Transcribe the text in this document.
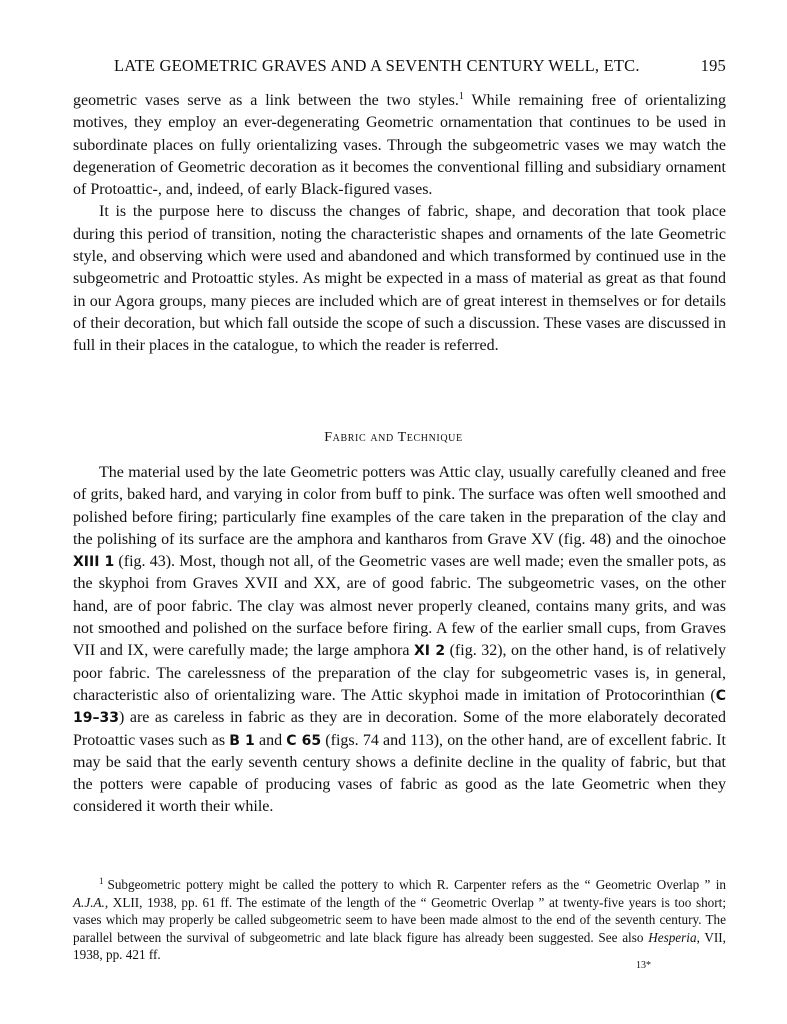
LATE GEOMETRIC GRAVES AND A SEVENTH CENTURY WELL, ETC.	195

geometric vases serve as a link between the two styles.$^1$ While remaining free of orientalizing motives, they employ an ever-degenerating Geometric ornamentation that continues to be used in subordinate places on fully orientalizing vases. Through the subgeometric vases we may watch the degeneration of Geometric decoration as it becomes the conventional filling and subsidiary ornament of Protoattic-, and, indeed, of early Black-figured vases.

It is the purpose here to discuss the changes of fabric, shape, and decoration that took place during this period of transition, noting the characteristic shapes and ornaments of the late Geometric style, and observing which were used and abandoned and which transformed by continued use in the subgeometric and Protoattic styles. As might be expected in a mass of material as great as that found in our Agora groups, many pieces are included which are of great interest in themselves or for details of their decoration, but which fall outside the scope of such a discussion. These vases are discussed in full in their places in the catalogue, to which the reader is referred.

Fabric and Technique

The material used by the late Geometric potters was Attic clay, usually carefully cleaned and free of grits, baked hard, and varying in color from buff to pink. The surface was often well smoothed and polished before firing; particularly fine examples of the care taken in the preparation of the clay and the polishing of its surface are the amphora and kantharos from Grave XV (fig. 48) and the oinochoe XIII 1 (fig. 43). Most, though not all, of the Geometric vases are well made; even the smaller pots, as the skyphoi from Graves XVII and XX, are of good fabric. The subgeometric vases, on the other hand, are of poor fabric. The clay was almost never properly cleaned, contains many grits, and was not smoothed and polished on the surface before firing. A few of the earlier small cups, from Graves VII and IX, were carefully made; the large amphora XI 2 (fig. 32), on the other hand, is of relatively poor fabric. The carelessness of the preparation of the clay for subgeometric vases is, in general, characteristic also of orientalizing ware. The Attic skyphoi made in imitation of Protocorinthian (C 19–33) are as careless in fabric as they are in decoration. Some of the more elaborately decorated Protoattic vases such as B 1 and C 65 (figs. 74 and 113), on the other hand, are of excellent fabric. It may be said that the early seventh century shows a definite decline in the quality of fabric, but that the potters were capable of producing vases of fabric as good as the late Geometric when they considered it worth their while.

$^1$ Subgeometric pottery might be called the pottery to which R. Carpenter refers as the “ Geometric Overlap ” in A.J.A., XLII, 1938, pp. 61 ff. The estimate of the length of the “ Geometric Overlap ” at twenty-five years is too short; vases which may properly be called subgeometric seem to have been made almost to the end of the seventh century. The parallel between the survival of subgeometric and late black figure has already been suggested. See also Hesperia, VII, 1938, pp. 421 ff.

13*
